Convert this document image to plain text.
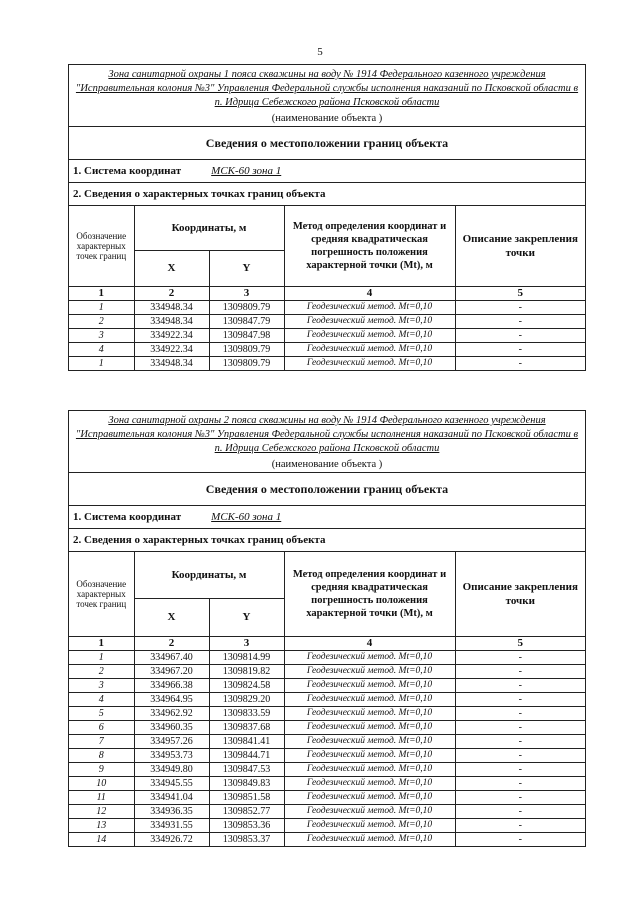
5
Зона санитарной охраны 1 пояса скважины на воду № 1914 Федерального казенного учреждения "Исправительная колония №3" Управления Федеральной службы исполнения наказаний по Псковской области в п. Идрица Себежского района Псковской области
(наименование объекта )
Сведения о местоположении границ объекта
1. Система координат	МСК-60 зона 1
2. Сведения о характерных точках границ объекта
Обозначение характерных точек границ	Координаты, м		Метод определения координат и средняя квадратическая погрешность положения характерной точки (Mt), м	Описание закрепления точки
	X	Y		
1	2	3	4	5
1	334948.34	1309809.79	Геодезический метод. Mt=0,10	-
2	334948.34	1309847.79	Геодезический метод. Mt=0,10	-
3	334922.34	1309847.98	Геодезический метод. Mt=0,10	-
4	334922.34	1309809.79	Геодезический метод. Mt=0,10	-
1	334948.34	1309809.79	Геодезический метод. Mt=0,10	-
Зона санитарной охраны 2 пояса скважины на воду № 1914 Федерального казенного учреждения "Исправительная колония №3" Управления Федеральной службы исполнения наказаний по Псковской области в п. Идрица Себежского района Псковской области
(наименование объекта )
Сведения о местоположении границ объекта
1. Система координат	МСК-60 зона 1
2. Сведения о характерных точках границ объекта
Обозначение характерных точек границ	Координаты, м		Метод определения координат и средняя квадратическая погрешность положения характерной точки (Mt), м	Описание закрепления точки
	X	Y		
1	2	3	4	5
1	334967.40	1309814.99	Геодезический метод. Mt=0,10	-
2	334967.20	1309819.82	Геодезический метод. Mt=0,10	-
3	334966.38	1309824.58	Геодезический метод. Mt=0,10	-
4	334964.95	1309829.20	Геодезический метод. Mt=0,10	-
5	334962.92	1309833.59	Геодезический метод. Mt=0,10	-
6	334960.35	1309837.68	Геодезический метод. Mt=0,10	-
7	334957.26	1309841.41	Геодезический метод. Mt=0,10	-
8	334953.73	1309844.71	Геодезический метод. Mt=0,10	-
9	334949.80	1309847.53	Геодезический метод. Mt=0,10	-
10	334945.55	1309849.83	Геодезический метод. Mt=0,10	-
11	334941.04	1309851.58	Геодезический метод. Mt=0,10	-
12	334936.35	1309852.77	Геодезический метод. Mt=0,10	-
13	334931.55	1309853.36	Геодезический метод. Mt=0,10	-
14	334926.72	1309853.37	Геодезический метод. Mt=0,10	-
